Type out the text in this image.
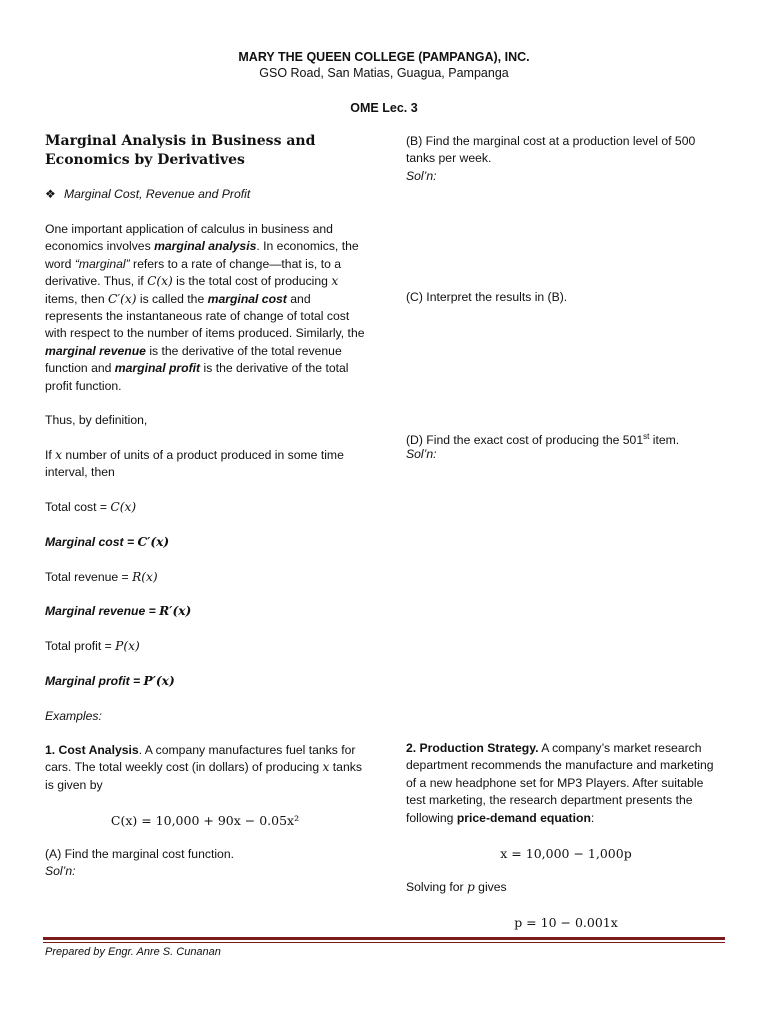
MARY THE QUEEN COLLEGE (PAMPANGA), INC.
GSO Road, San Matias, Guagua, Pampanga
OME Lec. 3
Marginal Analysis in Business and
Economics by Derivatives
❖ Marginal Cost, Revenue and Profit
One important application of calculus in business and economics involves marginal analysis. In economics, the word “marginal” refers to a rate of change—that is, to a derivative. Thus, if C(x) is the total cost of producing x items, then C′(x) is called the marginal cost and represents the instantaneous rate of change of total cost with respect to the number of items produced. Similarly, the marginal revenue is the derivative of the total revenue function and marginal profit is the derivative of the total profit function.
Thus, by definition,
If x number of units of a product produced in some time interval, then
Total cost = C(x)
Marginal cost = C′(x)
Total revenue = R(x)
Marginal revenue = R′(x)
Total profit = P(x)
Marginal profit = P′(x)
Examples:
1. Cost Analysis. A company manufactures fuel tanks for cars. The total weekly cost (in dollars) of producing x tanks is given by
C(x) = 10,000 + 90x − 0.05x²
(A) Find the marginal cost function.
Sol’n:
(B) Find the marginal cost at a production level of 500 tanks per week.
Sol’n:
(C) Interpret the results in (B).
(D) Find the exact cost of producing the 501st item.
Sol’n:
2. Production Strategy. A company’s market research department recommends the manufacture and marketing of a new headphone set for MP3 Players. After suitable test marketing, the research department presents the following price-demand equation:
x = 10,000 − 1,000p
Solving for p gives
p = 10 − 0.001x
Prepared by Engr. Anre S. Cunanan
